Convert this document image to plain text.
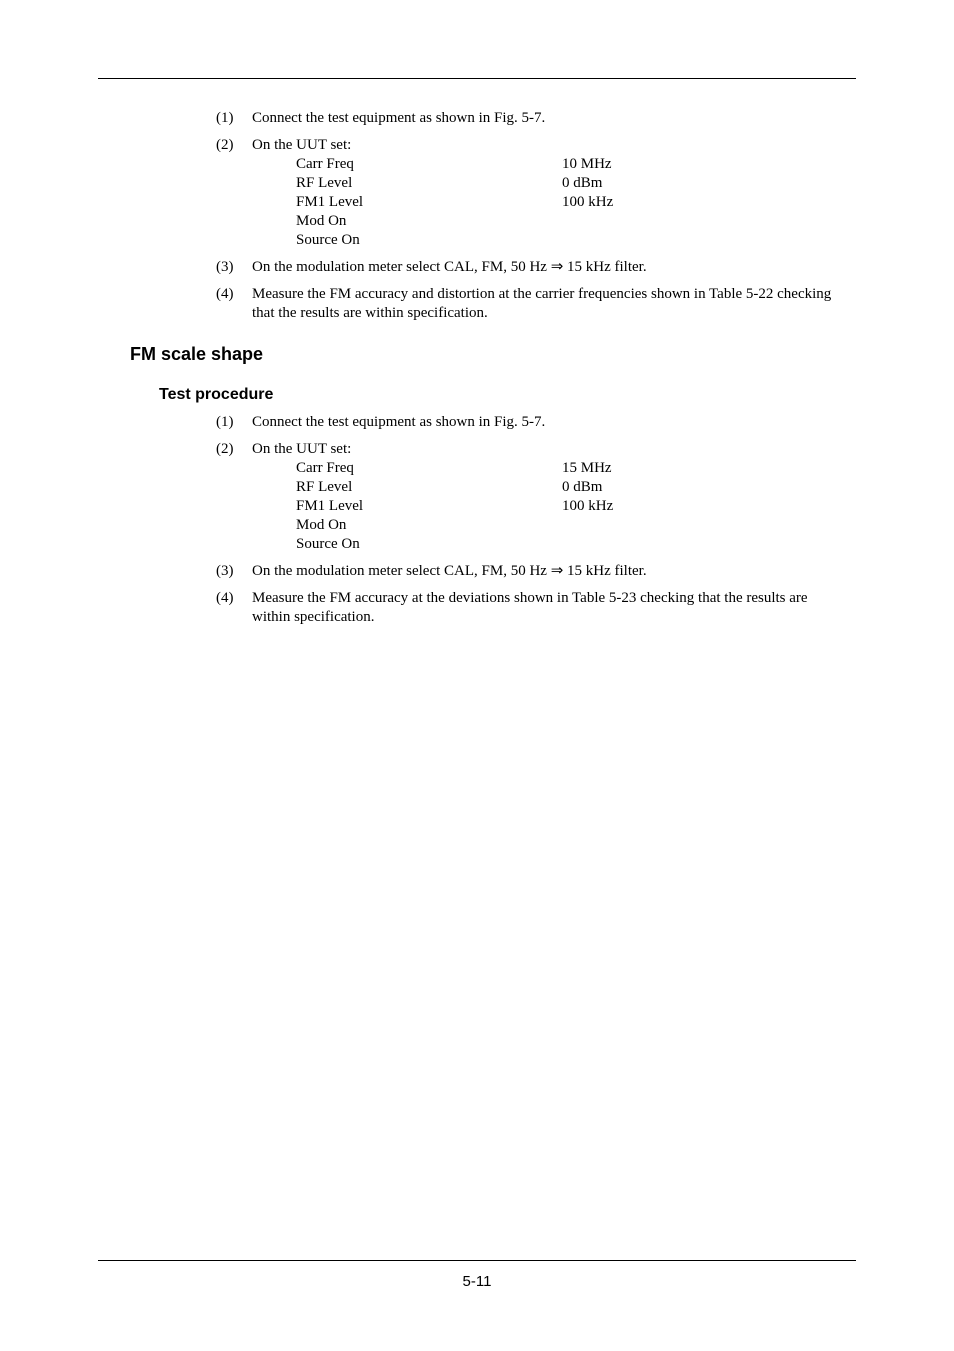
(1) Connect the test equipment as shown in Fig. 5-7.
(2) On the UUT set:
Carr Freq	10 MHz
RF Level	0 dBm
FM1 Level	100 kHz
Mod On
Source On
(3) On the modulation meter select CAL, FM, 50 Hz ⇒ 15 kHz filter.
(4) Measure the FM accuracy and distortion at the carrier frequencies shown in Table 5-22 checking that the results are within specification.
FM scale shape
Test procedure
(1) Connect the test equipment as shown in Fig. 5-7.
(2) On the UUT set:
Carr Freq	15 MHz
RF Level	0 dBm
FM1 Level	100 kHz
Mod On
Source On
(3) On the modulation meter select CAL, FM, 50 Hz ⇒ 15 kHz filter.
(4) Measure the FM accuracy at the deviations shown in Table 5-23 checking that the results are within specification.
5-11
